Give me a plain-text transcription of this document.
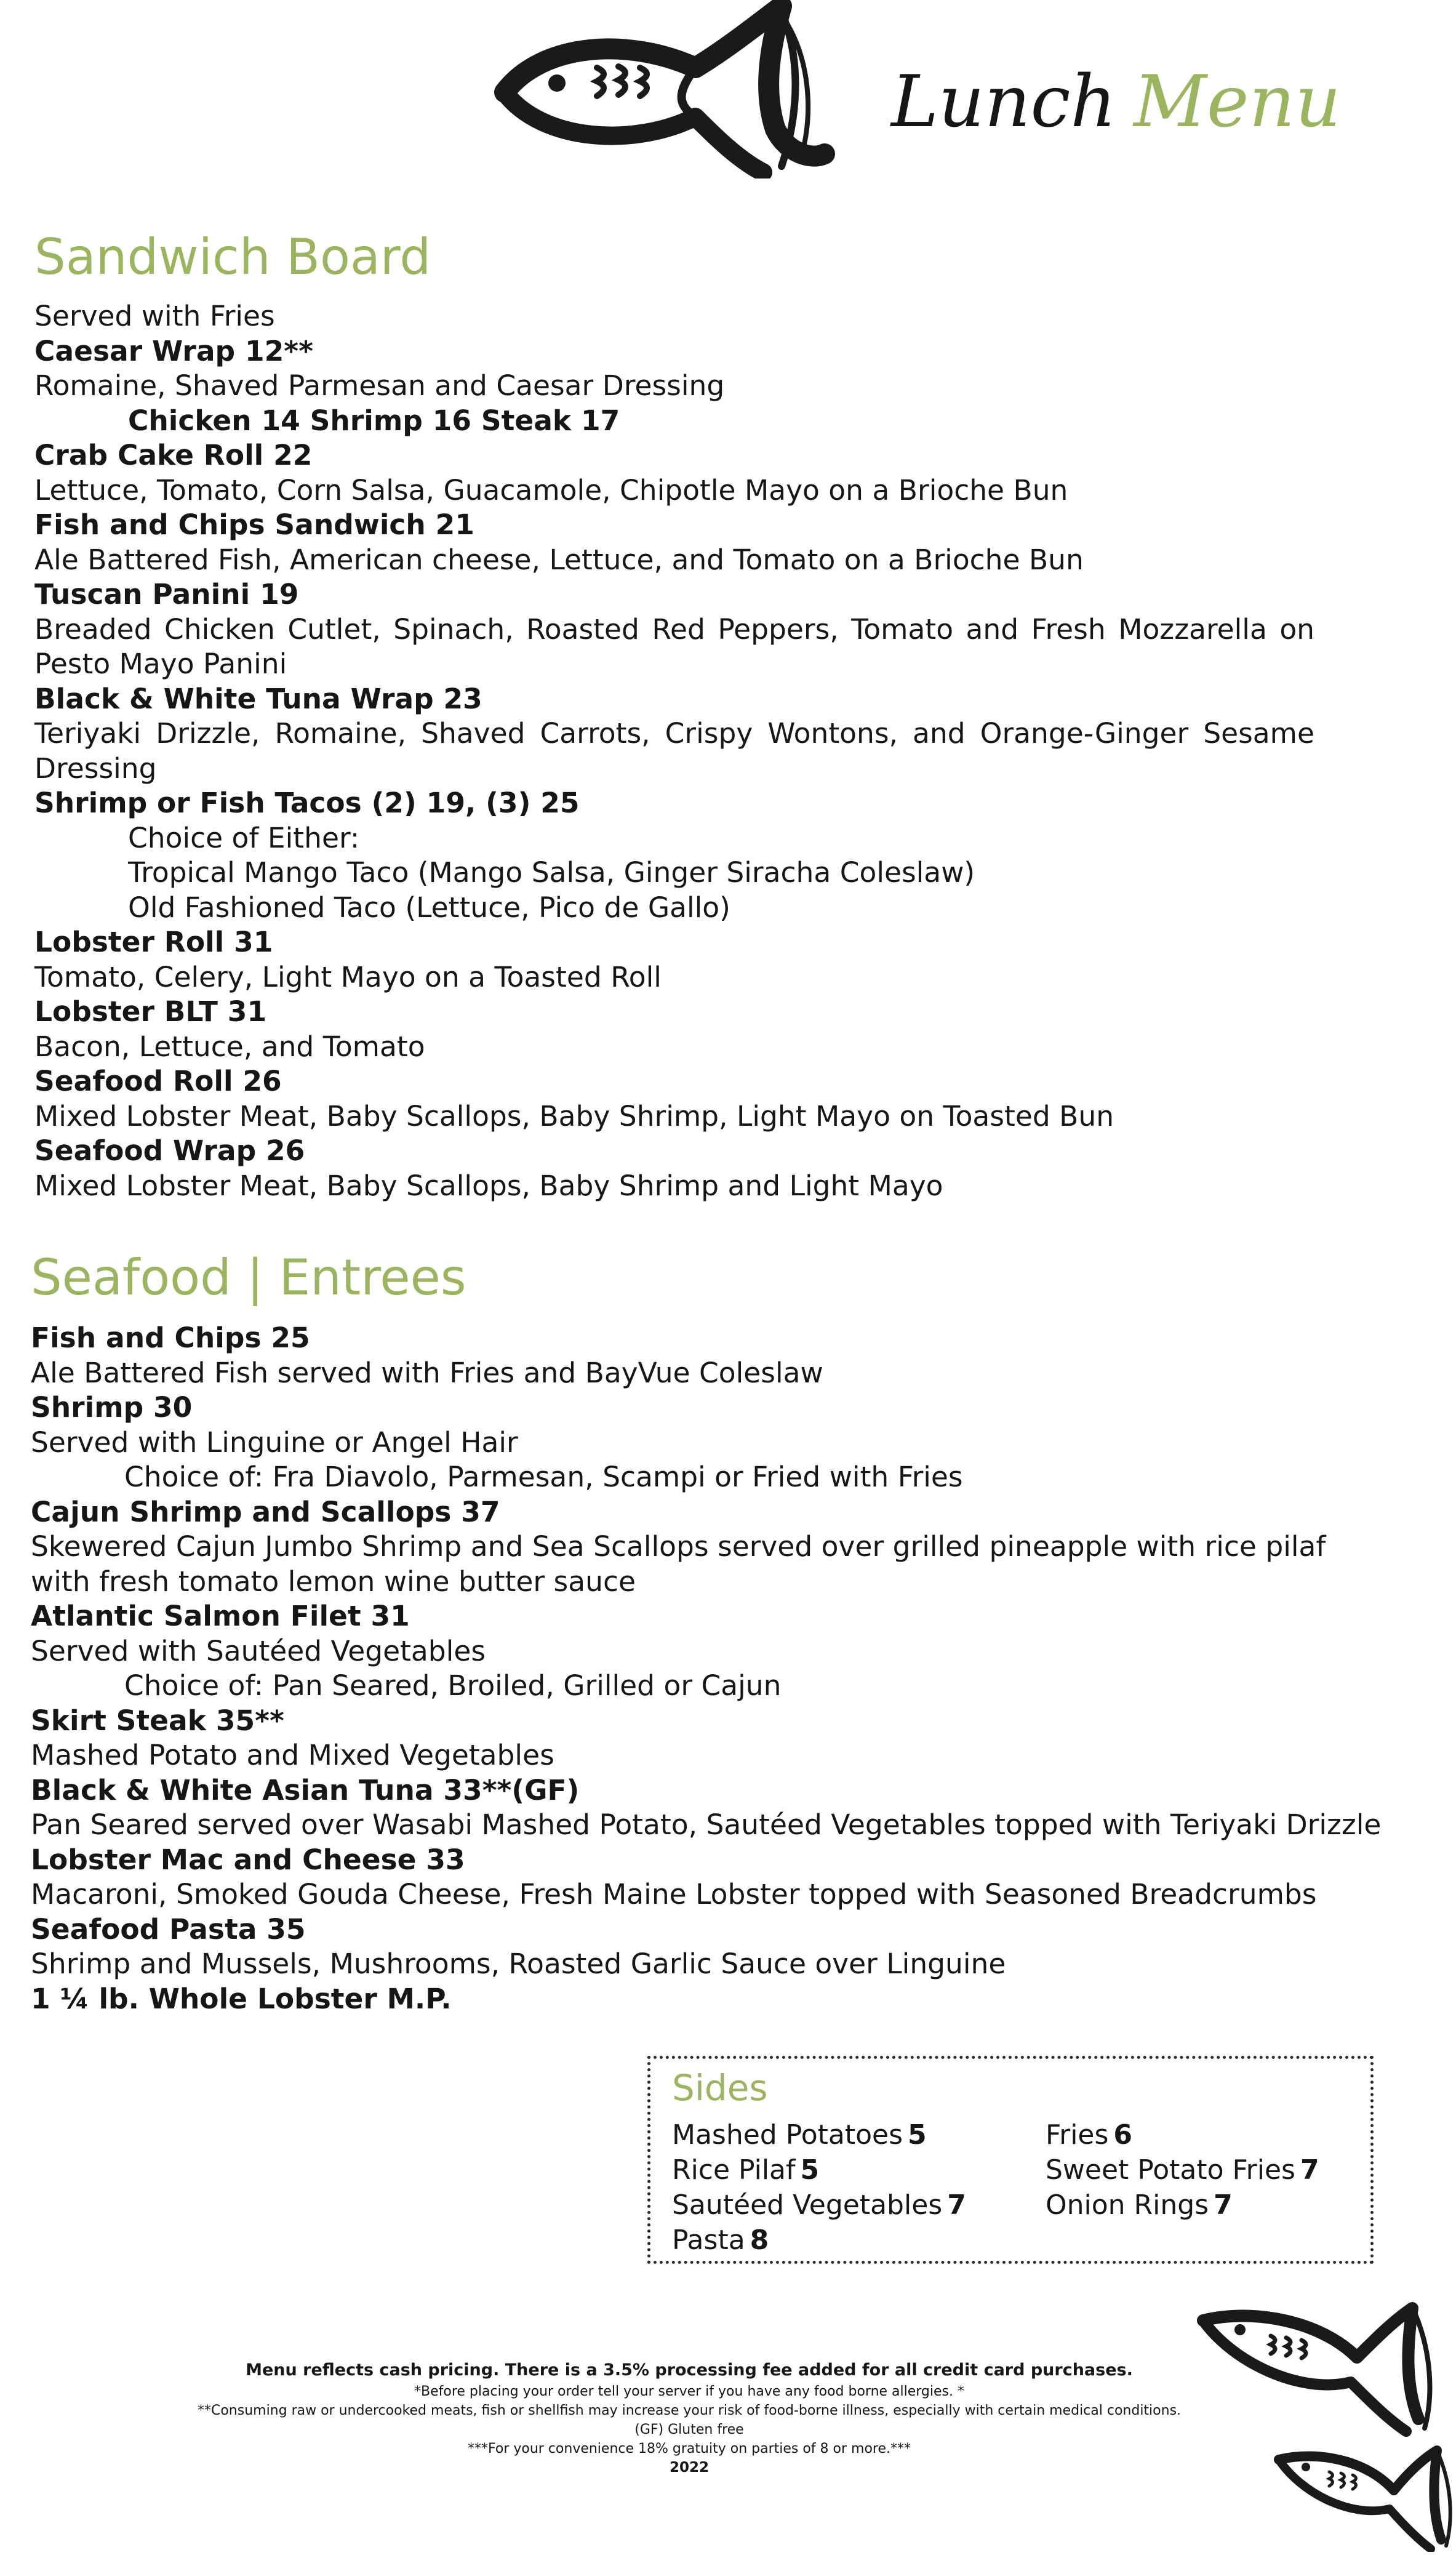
Lunch Menu
Sandwich Board
Served with Fries
Caesar Wrap 12**
Romaine, Shaved Parmesan and Caesar Dressing
Chicken 14 Shrimp 16 Steak 17
Crab Cake Roll 22
Lettuce, Tomato, Corn Salsa, Guacamole, Chipotle Mayo on a Brioche Bun
Fish and Chips Sandwich 21
Ale Battered Fish, American cheese, Lettuce, and Tomato on a Brioche Bun
Tuscan Panini 19
Breaded Chicken Cutlet, Spinach, Roasted Red Peppers, Tomato and Fresh Mozzarella on Pesto Mayo Panini
Black & White Tuna Wrap 23
Teriyaki Drizzle, Romaine, Shaved Carrots, Crispy Wontons, and Orange-Ginger Sesame Dressing
Shrimp or Fish Tacos (2) 19, (3) 25
Choice of Either:
Tropical Mango Taco (Mango Salsa, Ginger Siracha Coleslaw)
Old Fashioned Taco (Lettuce, Pico de Gallo)
Lobster Roll 31
Tomato, Celery, Light Mayo on a Toasted Roll
Lobster BLT 31
Bacon, Lettuce, and Tomato
Seafood Roll 26
Mixed Lobster Meat, Baby Scallops, Baby Shrimp, Light Mayo on Toasted Bun
Seafood Wrap 26
Mixed Lobster Meat, Baby Scallops, Baby Shrimp and Light Mayo
Seafood | Entrees
Fish and Chips 25
Ale Battered Fish served with Fries and BayVue Coleslaw
Shrimp 30
Served with Linguine or Angel Hair
Choice of: Fra Diavolo, Parmesan, Scampi or Fried with Fries
Cajun Shrimp and Scallops 37
Skewered Cajun Jumbo Shrimp and Sea Scallops served over grilled pineapple with rice pilaf
with fresh tomato lemon wine butter sauce
Atlantic Salmon Filet 31
Served with Sautéed Vegetables
Choice of: Pan Seared, Broiled, Grilled or Cajun
Skirt Steak 35**
Mashed Potato and Mixed Vegetables
Black & White Asian Tuna 33**(GF)
Pan Seared served over Wasabi Mashed Potato, Sautéed Vegetables topped with Teriyaki Drizzle
Lobster Mac and Cheese 33
Macaroni, Smoked Gouda Cheese, Fresh Maine Lobster topped with Seasoned Breadcrumbs
Seafood Pasta 35
Shrimp and Mussels, Mushrooms, Roasted Garlic Sauce over Linguine
1 ¼ lb. Whole Lobster M.P.
Sides
Mashed Potatoes 5
Rice Pilaf 5
Sautéed Vegetables 7
Pasta 8
Fries 6
Sweet Potato Fries 7
Onion Rings 7
Menu reflects cash pricing. There is a 3.5% processing fee added for all credit card purchases.
*Before placing your order tell your server if you have any food borne allergies. *
**Consuming raw or undercooked meats, fish or shellfish may increase your risk of food-borne illness, especially with certain medical conditions.
(GF) Gluten free
***For your convenience 18% gratuity on parties of 8 or more.***
2022
